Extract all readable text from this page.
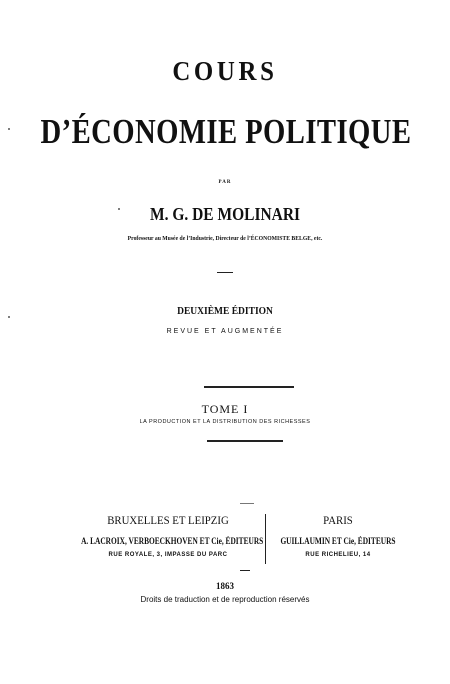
COURS
D’ÉCONOMIE POLITIQUE
PAR
M. G. DE MOLINARI
Professeur au Musée de l’Industrie, Directeur de l’ÉCONOMISTE BELGE, etc.
DEUXIÈME ÉDITION
REVUE ET AUGMENTÉE
TOME I
LA PRODUCTION ET LA DISTRIBUTION DES RICHESSES
BRUXELLES ET LEIPZIG
A. LACROIX, VERBOECKHOVEN ET Cie, ÉDITEURS
RUE ROYALE, 3, IMPASSE DU PARC
PARIS
GUILLAUMIN ET Cie, ÉDITEURS
RUE RICHELIEU, 14
1863
Droits de traduction et de reproduction réservés
